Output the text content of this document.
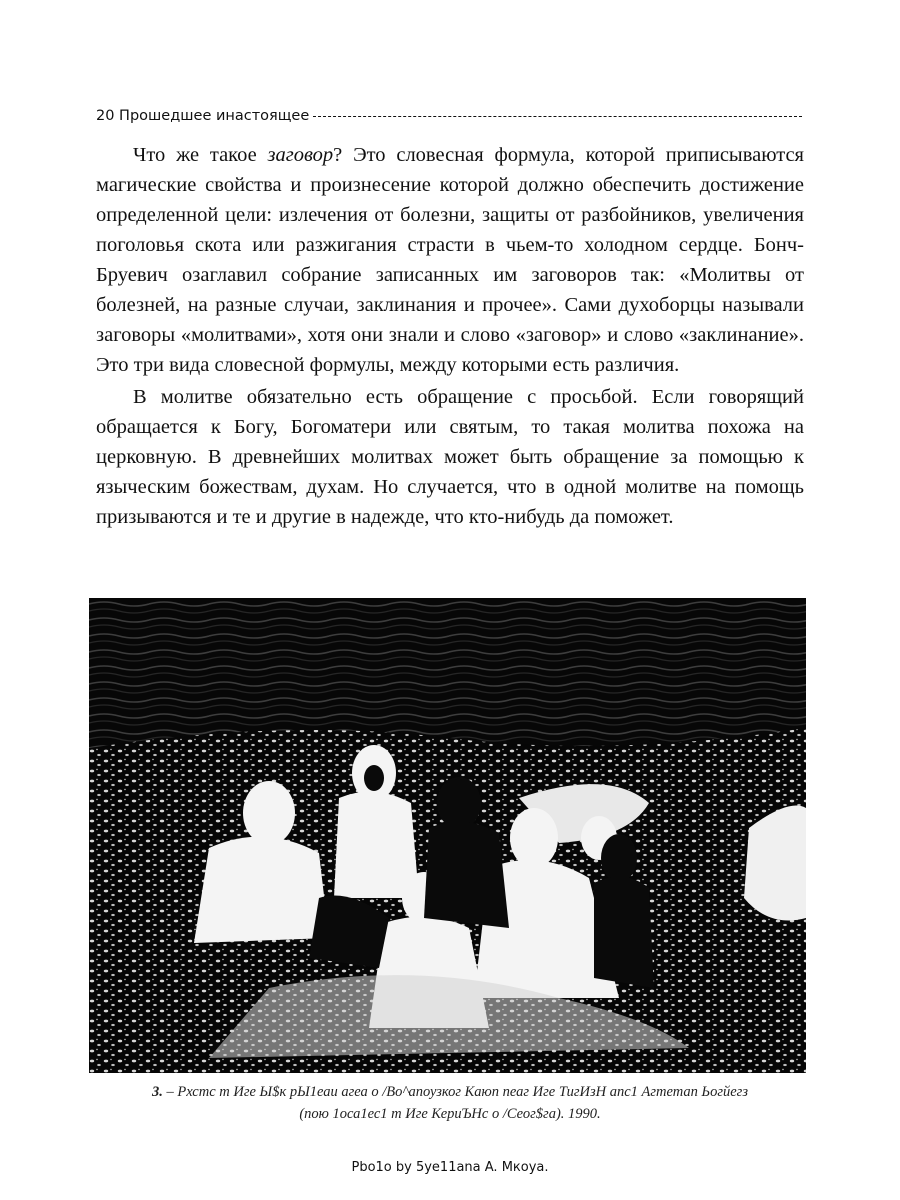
20 Прошедшее инастоящее

Что же такое заговор? Это словесная формула, которой приписываются магические свойства и произнесение которой должно обеспечить достижение определенной цели: излечения от болезни, защиты от разбойников, увеличения поголовья скота или разжигания страсти в чьем-то холодном сердце. Бонч-Бруевич озаглавил собрание записанных им заговоров так: «Молитвы от болезней, на разные случаи, заклинания и прочее». Сами духоборцы называли заговоры «молитвами», хотя они знали и слово «заговор» и слово «заклинание». Это три вида словесной формулы, между которыми есть различия.

В молитве обязательно есть обращение с просьбой. Если говорящий обращается к Богу, Богоматери или святым, то такая молитва похожа на церковную. В древнейших молитвах может быть обращение за помощью к языческим божествам, духам. Но случается, что в одной молитве на помощь призываются и те и другие в надежде, что кто-нибудь да поможет.

3. – Рхстс т Иге Ы$к рЫ1еаи агеа о /Во^апоузког Каюп пеаг Иге ТигИзН апс1 Агтетап Ьогйегз
(пою 1оса1ес1 т Иге КериЪНс о /Сеог$га). 1990.
Pbo1o by 5ye11ana A. Мкоуа.
